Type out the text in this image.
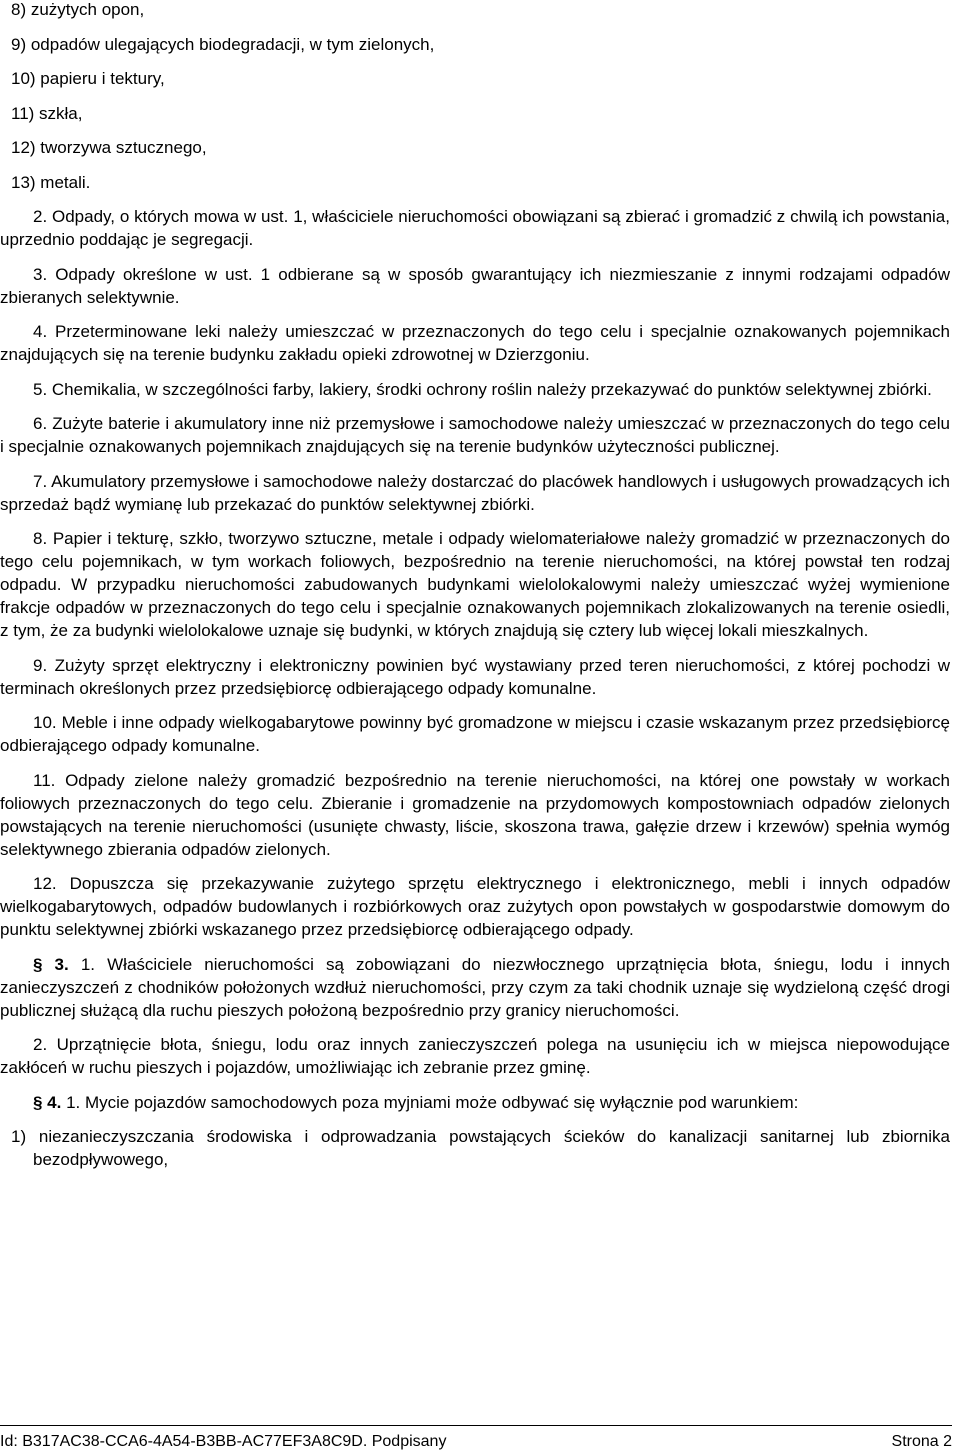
8) zużytych opon,

9) odpadów ulegających biodegradacji, w tym zielonych,

10) papieru i tektury,

11) szkła,

12) tworzywa sztucznego,

13) metali.

2. Odpady, o których mowa w ust. 1, właściciele nieruchomości obowiązani są zbierać i gromadzić z chwilą ich powstania, uprzednio poddając je segregacji.

3. Odpady określone w ust. 1 odbierane są w sposób gwarantujący ich niezmieszanie z innymi rodzajami odpadów zbieranych selektywnie.

4. Przeterminowane leki należy umieszczać w przeznaczonych do tego celu i specjalnie oznakowanych pojemnikach znajdujących się na terenie budynku zakładu opieki zdrowotnej w Dzierzgoniu.

5. Chemikalia, w szczególności farby, lakiery, środki ochrony roślin należy przekazywać do punktów selektywnej zbiórki.

6. Zużyte baterie i akumulatory inne niż przemysłowe i samochodowe należy umieszczać w przeznaczonych do tego celu i specjalnie oznakowanych pojemnikach znajdujących się na terenie budynków użyteczności publicznej.

7. Akumulatory przemysłowe i samochodowe należy dostarczać do placówek handlowych i usługowych prowadzących ich sprzedaż bądź wymianę lub przekazać do punktów selektywnej zbiórki.

8. Papier i tekturę, szkło, tworzywo sztuczne, metale i odpady wielomateriałowe należy gromadzić w przeznaczonych do tego celu pojemnikach, w tym workach foliowych, bezpośrednio na terenie nieruchomości, na której powstał ten rodzaj odpadu. W przypadku nieruchomości zabudowanych budynkami wielolokalowymi należy umieszczać wyżej wymienione frakcje odpadów w przeznaczonych do tego celu i specjalnie oznakowanych pojemnikach zlokalizowanych na terenie osiedli, z tym, że za budynki wielolokalowe uznaje się budynki, w których znajdują się cztery lub więcej lokali mieszkalnych.

9. Zużyty sprzęt elektryczny i elektroniczny powinien być wystawiany przed teren nieruchomości, z której pochodzi w terminach określonych przez przedsiębiorcę odbierającego odpady komunalne.

10. Meble i inne odpady wielkogabarytowe powinny być gromadzone w miejscu i czasie wskazanym przez przedsiębiorcę odbierającego odpady komunalne.

11. Odpady zielone należy gromadzić bezpośrednio na terenie nieruchomości, na której one powstały w workach foliowych przeznaczonych do tego celu. Zbieranie i gromadzenie na przydomowych kompostowniach odpadów zielonych powstających na terenie nieruchomości (usunięte chwasty, liście, skoszona trawa, gałęzie drzew i krzewów) spełnia wymóg selektywnego zbierania odpadów zielonych.

12. Dopuszcza się przekazywanie zużytego sprzętu elektrycznego i elektronicznego, mebli i innych odpadów wielkogabarytowych, odpadów budowlanych i rozbiórkowych oraz zużytych opon powstałych w gospodarstwie domowym do punktu selektywnej zbiórki wskazanego przez przedsiębiorcę odbierającego odpady.

§ 3. 1. Właściciele nieruchomości są zobowiązani do niezwłocznego uprzątnięcia błota, śniegu, lodu i innych zanieczyszczeń z chodników położonych wzdłuż nieruchomości, przy czym za taki chodnik uznaje się wydzieloną część drogi publicznej służącą dla ruchu pieszych położoną bezpośrednio przy granicy nieruchomości.

2. Uprzątnięcie błota, śniegu, lodu oraz innych zanieczyszczeń polega na usunięciu ich w miejsca niepowodujące zakłóceń w ruchu pieszych i pojazdów, umożliwiając ich zebranie przez gminę.

§ 4. 1. Mycie pojazdów samochodowych poza myjniami może odbywać się wyłącznie pod warunkiem:

1) niezanieczyszczania środowiska i odprowadzania powstających ścieków do kanalizacji sanitarnej lub zbiornika bezodpływowego,

Id: B317AC38-CCA6-4A54-B3BB-AC77EF3A8C9D. Podpisany	Strona 2
